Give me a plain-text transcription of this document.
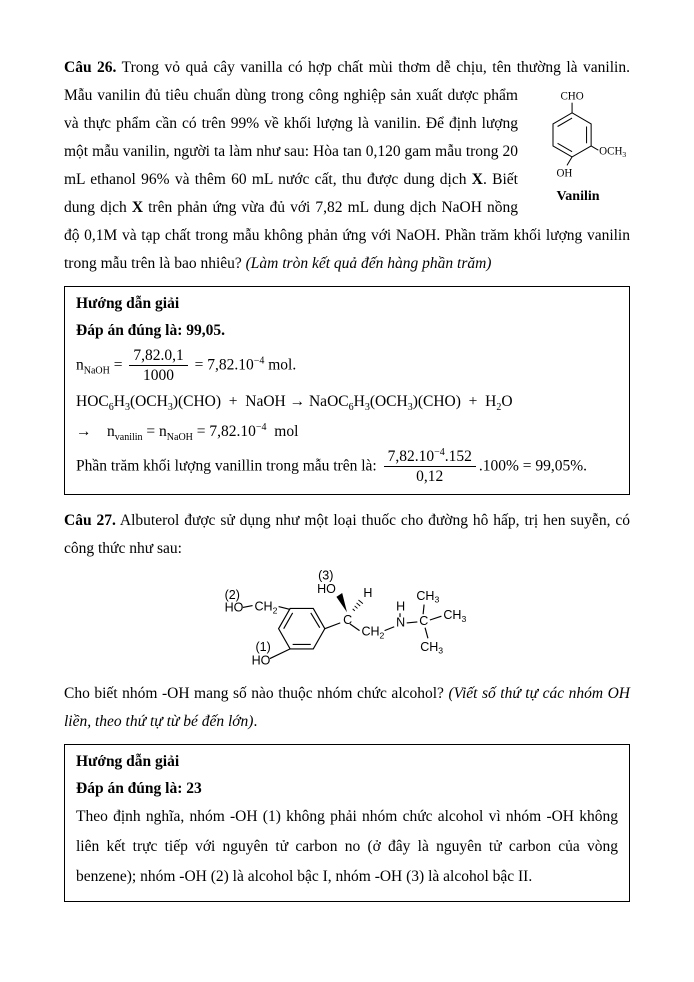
Câu 26. Trong vỏ quả cây vanilla có hợp chất mùi thơm dễ chịu, tên thường là vanilin.
CHO
$OCH_3$
OH
Vanilin
Mẫu vanilin đủ tiêu chuẩn dùng trong công nghiệp sản xuất dược phẩm và thực phẩm cần có trên 99% về khối lượng là vanilin. Để định lượng một mẫu vanilin, người ta làm như sau: Hòa tan 0,120 gam mẫu trong 20 mL ethanol 96% và thêm 60 mL nước cất, thu được dung dịch X. Biết dung dịch X trên phản ứng vừa đủ với 7,82 mL dung dịch NaOH nồng độ 0,1M và tạp chất trong mẫu không phản ứng với NaOH. Phần trăm khối lượng vanilin trong mẫu trên là bao nhiêu? (Làm tròn kết quả đến hàng phần trăm)

Hướng dẫn giải
Đáp án đúng là: 99,05.
$n_{NaOH} = \frac{7,82.0,1}{1000} = 7,82.10^{-4}$ mol.
$HOC_6H_3(OCH_3)(CHO)$  +  NaOH → $NaOC_6H_3(OCH_3)(CHO) + H_2O$
→    $n_{vanilin} = n_{NaOH} = 7,82.10^{-4}$  mol
Phần trăm khối lượng vanillin trong mẫu trên là: $\frac{7,82.10^{-4}.152}{0,12} .100\% = 99,05\%$.

Câu 27. Albuterol được sử dụng như một loại thuốc cho đường hô hấp, trị hen suyễn, có công thức như sau:

(3)
HO H
(2)
HO $CH_2$
(1)
HO
C
$CH_2$
H
N C
$CH_3$
$CH_3$
$CH_3$

Cho biết nhóm -OH mang số nào thuộc nhóm chức alcohol? (Viết số thứ tự các nhóm OH liền, theo thứ tự từ bé đến lớn).

Hướng dẫn giải
Đáp án đúng là: 23
Theo định nghĩa, nhóm -OH (1) không phải nhóm chức alcohol vì nhóm -OH không liên kết trực tiếp với nguyên tử carbon no (ở đây là nguyên tử carbon của vòng benzene); nhóm -OH (2) là alcohol bậc I, nhóm -OH (3) là alcohol bậc II.
